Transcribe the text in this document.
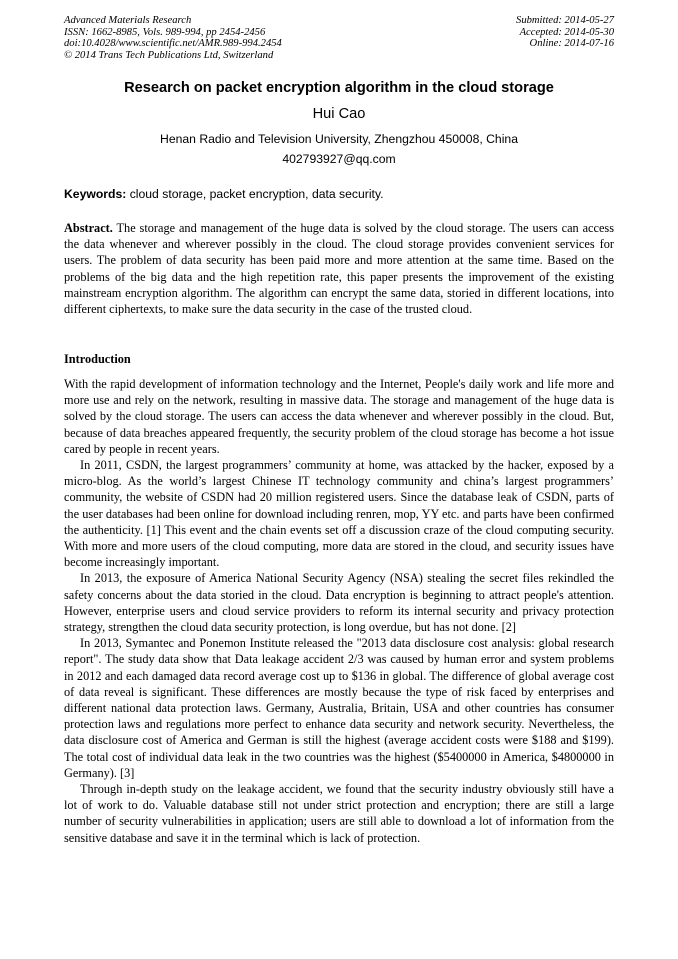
Advanced Materials Research
ISSN: 1662-8985, Vols. 989-994, pp 2454-2456
doi:10.4028/www.scientific.net/AMR.989-994.2454
© 2014 Trans Tech Publications Ltd, Switzerland
Submitted: 2014-05-27
Accepted: 2014-05-30
Online: 2014-07-16
Research on packet encryption algorithm in the cloud storage
Hui Cao
Henan Radio and Television University, Zhengzhou 450008, China
402793927@qq.com
Keywords: cloud storage, packet encryption, data security.

Abstract. The storage and management of the huge data is solved by the cloud storage. The users can access the data whenever and wherever possibly in the cloud. The cloud storage provides convenient services for users. The problem of data security has been paid more and more attention at the same time. Based on the problems of the big data and the high repetition rate, this paper presents the improvement of the existing mainstream encryption algorithm. The algorithm can encrypt the same data, storied in different locations, into different ciphertexts, to make sure the data security in the case of the trusted cloud.

Introduction

With the rapid development of information technology and the Internet, People's daily work and life more and more use and rely on the network, resulting in massive data. The storage and management of the huge data is solved by the cloud storage. The users can access the data whenever and wherever possibly in the cloud. But, because of data breaches appeared frequently, the security problem of the cloud storage has become a hot issue cared by people in recent years.

In 2011, CSDN, the largest programmers’ community at home, was attacked by the hacker, exposed by a micro-blog. As the world’s largest Chinese IT technology community and china’s largest programmers’ community, the website of CSDN had 20 million registered users. Since the database leak of CSDN, parts of the user databases had been online for download including renren, mop, YY etc. and parts have been confirmed the authenticity. [1] This event and the chain events set off a discussion craze of the cloud computing security. With more and more users of the cloud computing, more data are stored in the cloud, and security issues have become increasingly important.

In 2013, the exposure of America National Security Agency (NSA) stealing the secret files rekindled the safety concerns about the data storied in the cloud. Data encryption is beginning to attract people's attention. However, enterprise users and cloud service providers to reform its internal security and privacy protection strategy, strengthen the cloud data security protection, is long overdue, but has not done. [2]

In 2013, Symantec and Ponemon Institute released the "2013 data disclosure cost analysis: global research report". The study data show that Data leakage accident 2/3 was caused by human error and system problems in 2012 and each damaged data record average cost up to $136 in global. The difference of global average cost of data reveal is significant. These differences are mostly because the type of risk faced by enterprises and different national data protection laws. Germany, Australia, Britain, USA and other countries has consumer protection laws and regulations more perfect to enhance data security and network security. Nevertheless, the data disclosure cost of America and German is still the highest (average accident costs were $188 and $199). The total cost of individual data leak in the two countries was the highest ($5400000 in America, $4800000 in Germany). [3]

Through in-depth study on the leakage accident, we found that the security industry obviously still have a lot of work to do. Valuable database still not under strict protection and encryption; there are still a large number of security vulnerabilities in application; users are still able to download a lot of information from the sensitive database and save it in the terminal which is lack of protection.
